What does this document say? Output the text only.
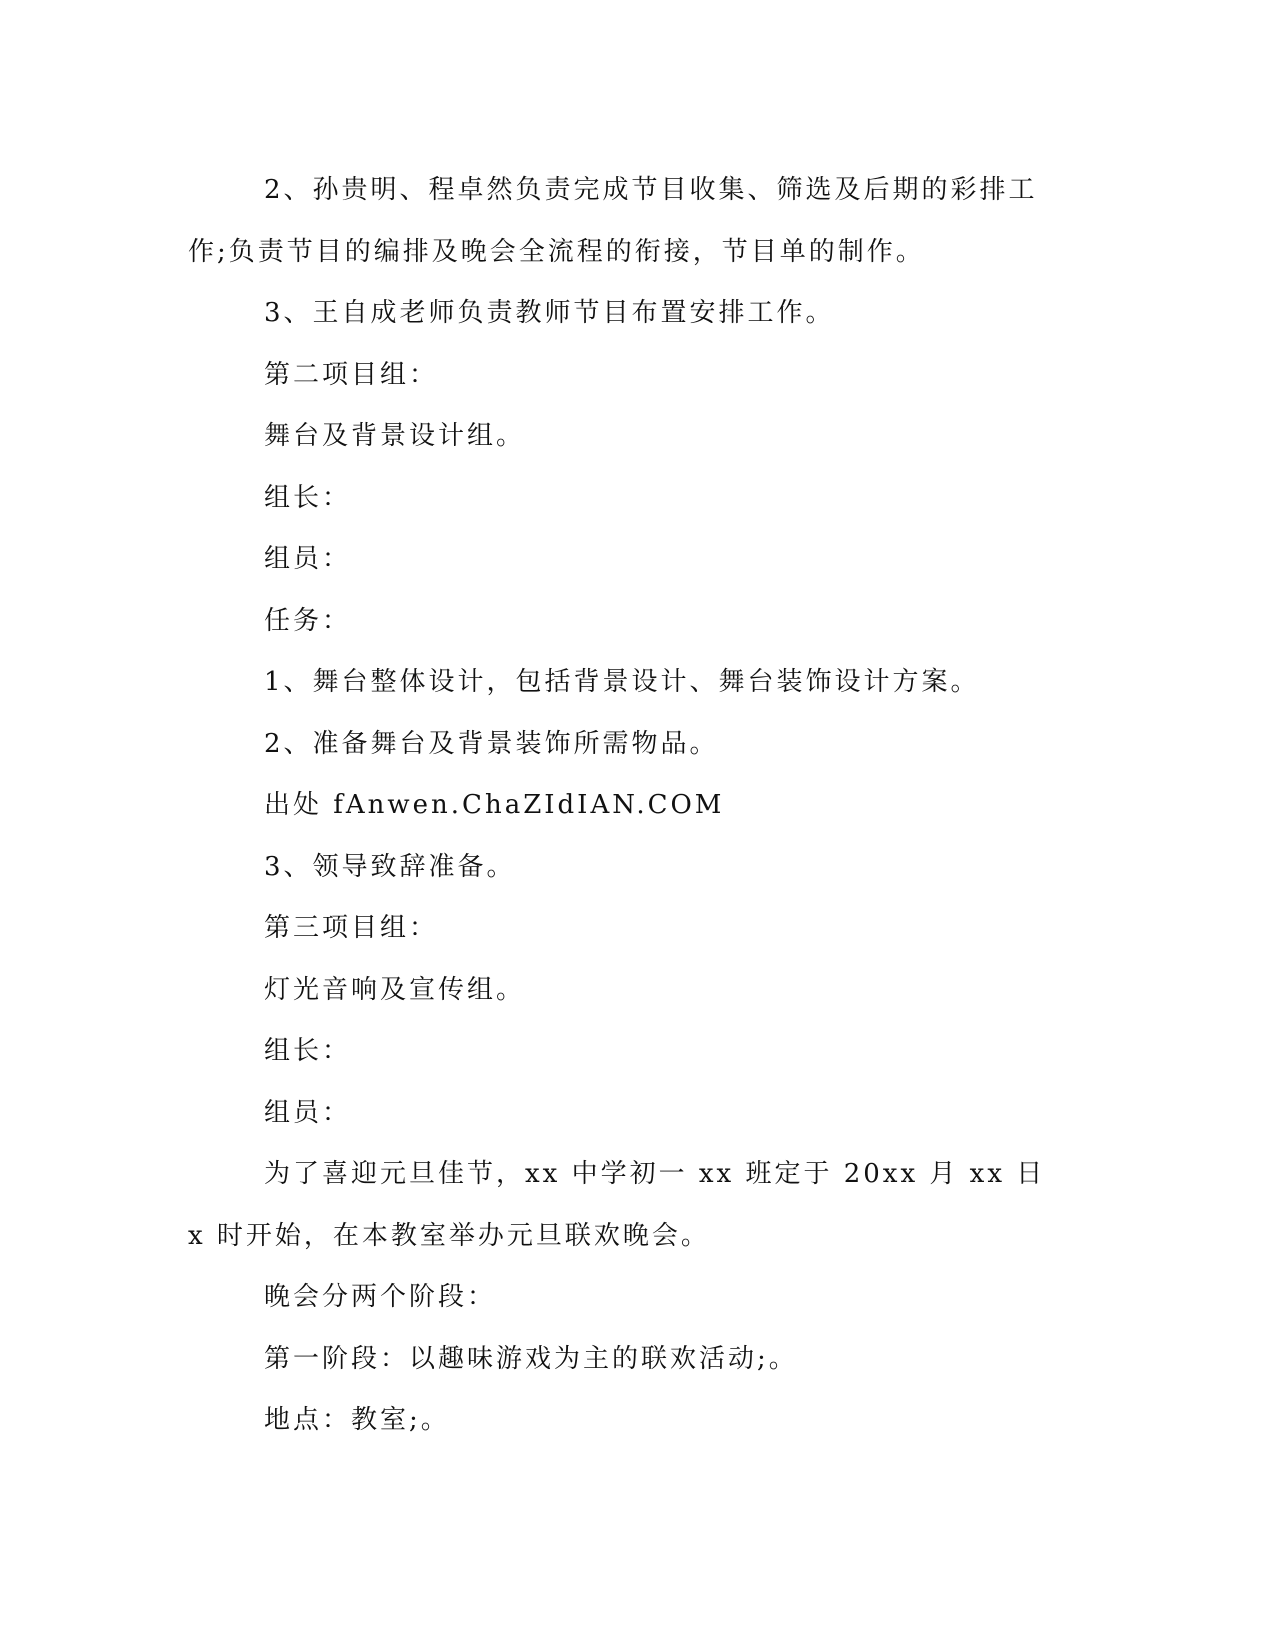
2、孙贵明、程卓然负责完成节目收集、筛选及后期的彩排工作;负责节目的编排及晚会全流程的衔接，节目单的制作。

3、王自成老师负责教师节目布置安排工作。

第二项目组：

舞台及背景设计组。

组长：

组员：

任务：

1、舞台整体设计，包括背景设计、舞台装饰设计方案。

2、准备舞台及背景装饰所需物品。

出处 fAnwen.ChaZIdIAN.COM

3、领导致辞准备。

第三项目组：

灯光音响及宣传组。

组长：

组员：

为了喜迎元旦佳节，xx 中学初一 xx 班定于 20xx 月 xx 日 x 时开始，在本教室举办元旦联欢晚会。

晚会分两个阶段：

第一阶段：以趣味游戏为主的联欢活动;。

地点：教室;。
